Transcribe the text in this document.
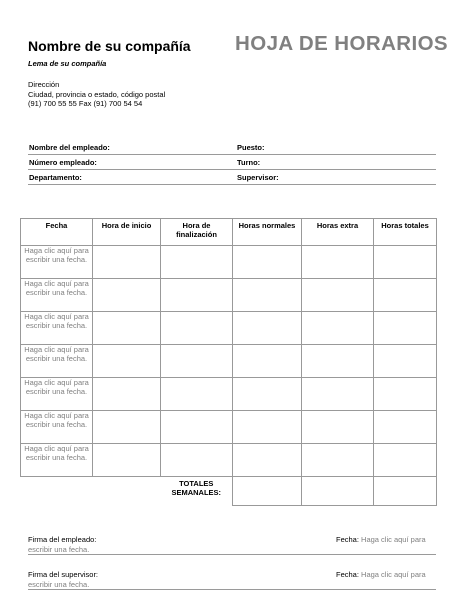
Nombre de su compañía
Lema de su compañía
Dirección
Ciudad, provincia o estado, código postal
(91) 700 55 55 Fax (91) 700 54 54
HOJA DE HORARIOS
Nombre del empleado:	Puesto:
Número empleado:	Turno:
Departamento:	Supervisor:
Fecha	Hora de inicio	Hora de finalización	Horas normales	Horas extra	Horas totales
Haga clic aquí para escribir una fecha.					
Haga clic aquí para escribir una fecha.					
Haga clic aquí para escribir una fecha.					
Haga clic aquí para escribir una fecha.					
Haga clic aquí para escribir una fecha.					
Haga clic aquí para escribir una fecha.					
Haga clic aquí para escribir una fecha.					
		TOTALES SEMANALES:			
Firma del empleado:
escribir una fecha.
Fecha: Haga clic aquí para
Firma del supervisor:
escribir una fecha.
Fecha: Haga clic aquí para
